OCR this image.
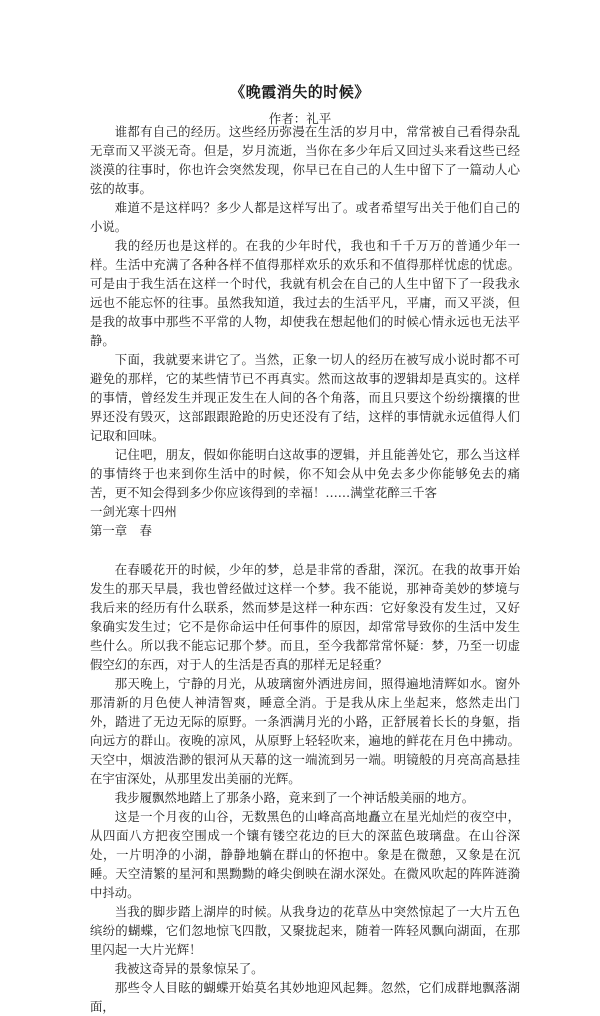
《晚霞消失的时候》
作者：礼平

谁都有自己的经历。这些经历弥漫在生活的岁月中，常常被自己看得杂乱无章而又平淡无奇。但是，岁月流逝，当你在多少年后又回过头来看这些已经淡漠的往事时，你也许会突然发现，你早已在自己的人生中留下了一篇动人心弦的故事。

难道不是这样吗？多少人都是这样写出了。或者希望写出关于他们自己的小说。

我的经历也是这样的。在我的少年时代，我也和千千万万的普通少年一样。生活中充满了各种各样不值得那样欢乐的欢乐和不值得那样忧虑的忧虑。可是由于我生活在这样一个时代，我就有机会在自己的人生中留下了一段我永远也不能忘怀的往事。虽然我知道，我过去的生活平凡，平庸，而又平淡，但是我的故事中那些不平常的人物，却使我在想起他们的时候心情永远也无法平静。

下面，我就要来讲它了。当然，正象一切人的经历在被写成小说时都不可避免的那样，它的某些情节已不再真实。然而这故事的逻辑却是真实的。这样的事情，曾经发生并现正发生在人间的各个角落，而且只要这个纷纷攘攘的世界还没有毁灭，这部跟跟跄跄的历史还没有了结，这样的事情就永远值得人们记取和回味。

记住吧，朋友，假如你能明白这故事的逻辑，并且能善处它，那么当这样的事情终于也来到你生活中的时候，你不知会从中免去多少你能够免去的痛苦，更不知会得到多少你应该得到的幸福！……满堂花醉三千客

一剑光寒十四州

第一章　春

在春暖花开的时候，少年的梦，总是非常的香甜，深沉。在我的故事开始发生的那天早晨，我也曾经做过这样一个梦。我不能说，那神奇美妙的梦境与我后来的经历有什么联系，然而梦是这样一种东西：它好象没有发生过，又好象确实发生过；它不是你命运中任何事件的原因，却常常导致你的生活中发生些什么。所以我不能忘记那个梦。而且，至今我都常常怀疑：梦，乃至一切虚假空幻的东西，对于人的生活是否真的那样无足轻重？

那天晚上，宁静的月光，从玻璃窗外洒进房间，照得遍地清辉如水。窗外那清新的月色使人神清智爽，睡意全消。于是我从床上坐起来，悠然走出门外，踏进了无边无际的原野。一条洒满月光的小路，正舒展着长长的身躯，指向远方的群山。夜晚的凉风，从原野上轻轻吹来，遍地的鲜花在月色中拂动。天空中，烟波浩渺的银河从天幕的这一端流到另一端。明镜般的月亮高高悬挂在宇宙深处，从那里发出美丽的光辉。

我步履飘然地踏上了那条小路，竟来到了一个神话般美丽的地方。

这是一个月夜的山谷，无数黑色的山峰高高地矗立在星光灿烂的夜空中，从四面八方把夜空围成一个镶有镂空花边的巨大的深蓝色玻璃盘。在山谷深处，一片明净的小湖，静静地躺在群山的怀抱中。象是在微憩，又象是在沉睡。天空清繁的星河和黑黝黝的峰尖倒映在湖水深处。在微风吹起的阵阵涟漪中抖动。

当我的脚步踏上湖岸的时候。从我身边的花草丛中突然惊起了一大片五色缤纷的蝴蝶，它们忽地惊飞四散，又聚拢起来，随着一阵轻风飘向湖面，在那里闪起一大片光辉！

我被这奇异的景象惊呆了。

那些令人目眩的蝴蝶开始莫名其妙地迎风起舞。忽然，它们成群地飘落湖面，
